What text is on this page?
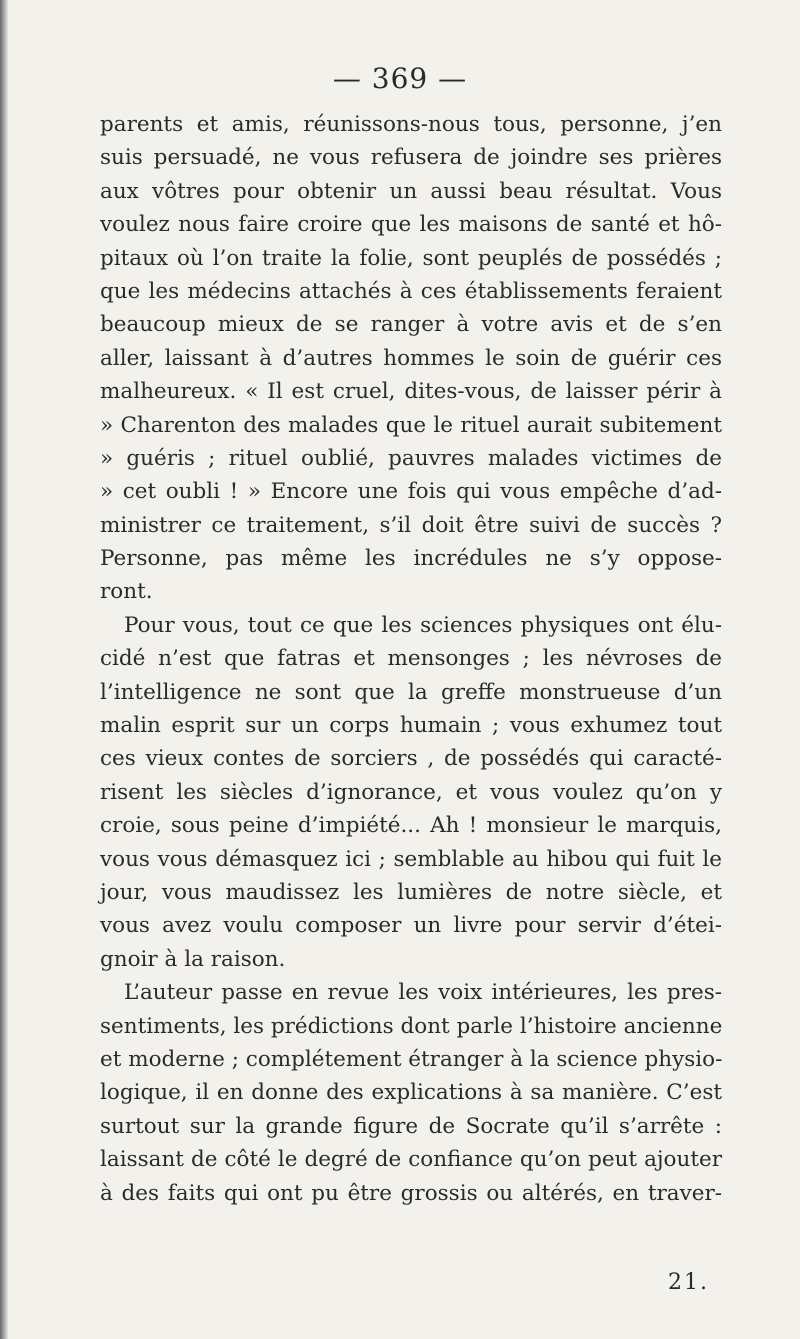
— 369 —
parents et amis, réunissons-nous tous, personne, j’en
suis persuadé, ne vous refusera de joindre ses prières
aux vôtres pour obtenir un aussi beau résultat. Vous
voulez nous faire croire que les maisons de santé et hô-
pitaux où l’on traite la folie, sont peuplés de possédés ;
que les médecins attachés à ces établissements feraient
beaucoup mieux de se ranger à votre avis et de s’en
aller, laissant à d’autres hommes le soin de guérir ces
malheureux. « Il est cruel, dites-vous, de laisser périr à
» Charenton des malades que le rituel aurait subitement
» guéris ; rituel oublié, pauvres malades victimes de
» cet oubli ! » Encore une fois qui vous empêche d’ad-
ministrer ce traitement, s’il doit être suivi de succès ?
Personne, pas même les incrédules ne s’y oppose-
ront.
Pour vous, tout ce que les sciences physiques ont élu-
cidé n’est que fatras et mensonges ; les névroses de
l’intelligence ne sont que la greffe monstrueuse d’un
malin esprit sur un corps humain ; vous exhumez tout
ces vieux contes de sorciers , de possédés qui caracté-
risent les siècles d’ignorance, et vous voulez qu’on y
croie, sous peine d’impiété... Ah ! monsieur le marquis,
vous vous démasquez ici ; semblable au hibou qui fuit le
jour, vous maudissez les lumières de notre siècle, et
vous avez voulu composer un livre pour servir d’étei-
gnoir à la raison.
L’auteur passe en revue les voix intérieures, les pres-
sentiments, les prédictions dont parle l’histoire ancienne
et moderne ; complétement étranger à la science physio-
logique, il en donne des explications à sa manière. C’est
surtout sur la grande figure de Socrate qu’il s’arrête :
laissant de côté le degré de confiance qu’on peut ajouter
à des faits qui ont pu être grossis ou altérés, en traver-
21.
